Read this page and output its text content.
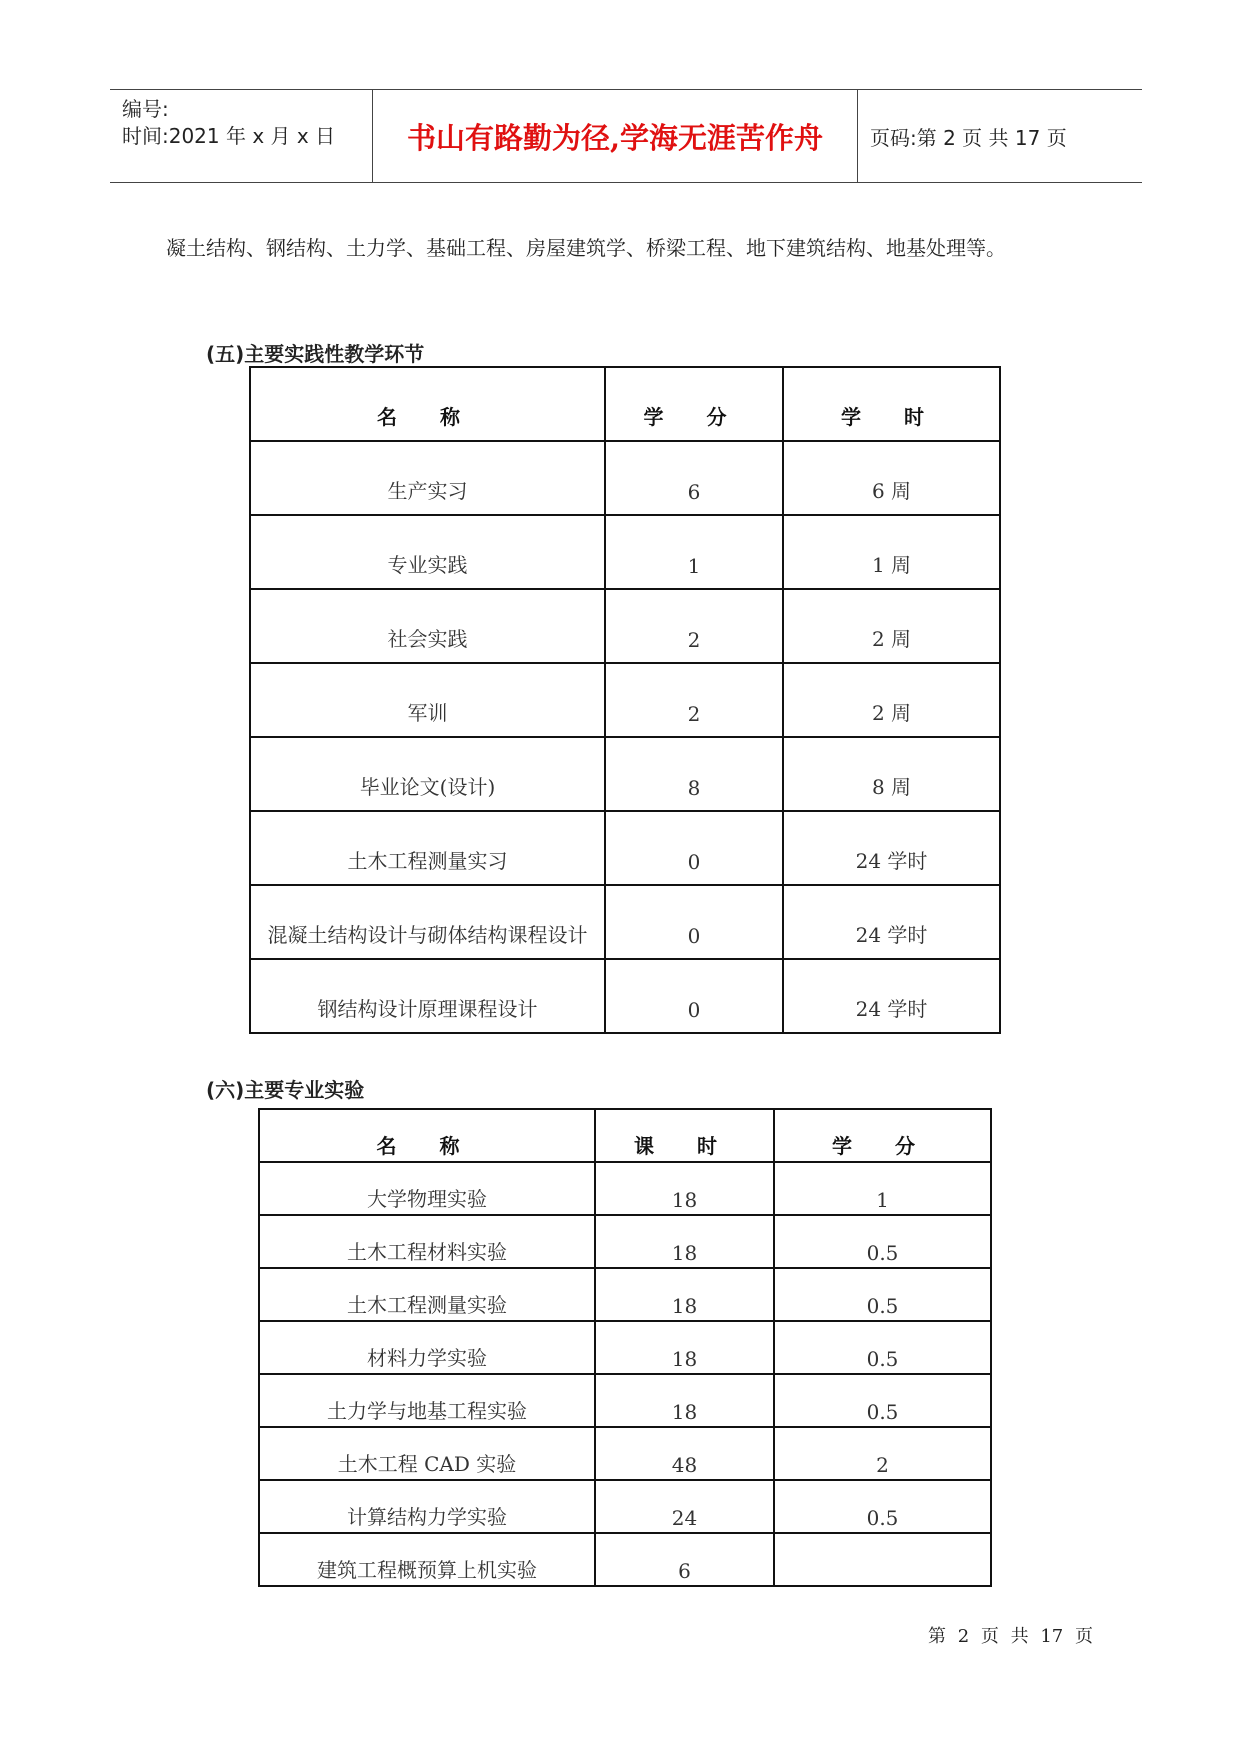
编号:
时间:2021 年 x 月 x 日	书山有路勤为径,学海无涯苦作舟	页码:第 2 页 共 17 页
凝土结构、钢结构、土力学、基础工程、房屋建筑学、桥梁工程、地下建筑结构、地基处理等。
(五)主要实践性教学环节
名 称	学 分	学 时
生产实习	6	6 周
专业实践	1	1 周
社会实践	2	2 周
军训	2	2 周
毕业论文(设计)	8	8 周
土木工程测量实习	0	24 学时
混凝土结构设计与砌体结构课程设计	0	24 学时
钢结构设计原理课程设计	0	24 学时
(六)主要专业实验
名 称	课 时	学 分
大学物理实验	18	1
土木工程材料实验	18	0.5
土木工程测量实验	18	0.5
材料力学实验	18	0.5
土力学与地基工程实验	18	0.5
土木工程 CAD 实验	48	2
计算结构力学实验	24	0.5
建筑工程概预算上机实验	6	
第 2 页 共 17 页
